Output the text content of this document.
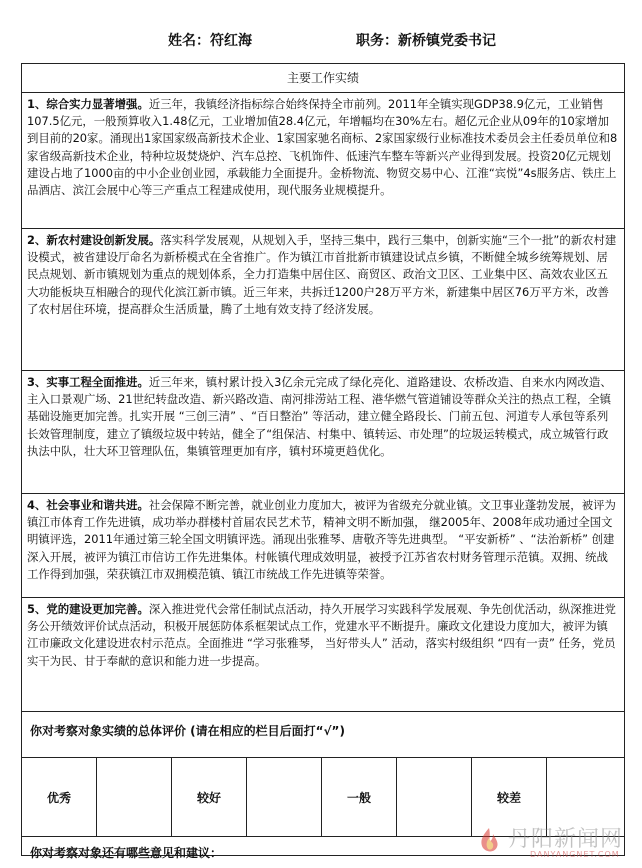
姓名：符红海	职务：新桥镇党委书记
主要工作实绩
1、综合实力显著增强。近三年，我镇经济指标综合始终保持全市前列。2011年全镇实现GDP38.9亿元，工业销售107.5亿元，一般预算收入1.48亿元，工业增加值28.4亿元，年增幅均在30%左右。超亿元企业从09年的10家增加到目前的20家。涌现出1家国家级高新技术企业、1家国家驰名商标、2家国家级行业标准技术委员会主任委员单位和8家省级高新技术企业，特种垃圾焚烧炉、汽车总控、飞机饰件、低速汽车整车等新兴产业得到发展。投资20亿元规划建设占地了1000亩的中小企业创业园，承载能力全面提升。金桥物流、物贸交易中心、江淮“宾悦”4s服务店、铁庄上品酒店、滨江会展中心等三产重点工程建成使用，现代服务业规模提升。
2、新农村建设创新发展。落实科学发展观，从规划入手，坚持三集中，践行三集中，创新实施“三个一批”的新农村建设模式，被省建设厅命名为新桥模式在全省推广。作为镇江市首批新市镇建设试点乡镇，不断健全城乡统筹规划、居民点规划、新市镇规划为重点的规划体系，全力打造集中居住区、商贸区、政治文卫区、工业集中区、高效农业区五大功能板块互相融合的现代化滨江新市镇。近三年来，共拆迁1200户28万平方米，新建集中居区76万平方米，改善了农村居住环境，提高群众生活质量，腾了土地有效支持了经济发展。
3、实事工程全面推进。近三年来，镇村累计投入3亿余元完成了绿化亮化、道路建设、农桥改造、自来水内网改造、主入口景观广场、21世纪转盘改造、新兴路改造、南河排涝站工程、港华燃气管道铺设等群众关注的热点工程，全镇基础设施更加完善。扎实开展 “三创三清” 、“百日整治” 等活动，建立健全路段长、门前五包、河道专人承包等系列长效管理制度，建立了镇级垃圾中转站，健全了“组保洁、村集中、镇转运、市处理”的垃圾运转模式，成立城管行政执法中队，壮大环卫管理队伍，集镇管理更加有序，镇村环境更趋优化。
4、社会事业和谐共进。社会保障不断完善，就业创业力度加大，被评为省级充分就业镇。文卫事业蓬勃发展，被评为镇江市体育工作先进镇，成功举办群楼村首届农民艺术节，精神文明不断加强， 继2005年、2008年成功通过全国文明镇评选，2011年通过第三轮全国文明镇评选。涌现出张雅琴、唐敬齐等先进典型。 “平安新桥” 、“法治新桥” 创建深入开展，被评为镇江市信访工作先进集体。村帐镇代理成效明显，被授予江苏省农村财务管理示范镇。双拥、统战工作得到加强，荣获镇江市双拥模范镇、镇江市统战工作先进镇等荣誉。
5、党的建设更加完善。深入推进党代会常任制试点活动，持久开展学习实践科学发展观、争先创优活动，纵深推进党务公开绩效评价试点活动，积极开展惩防体系框架试点工作，党建水平不断提升。廉政文化建设力度加大，被评为镇江市廉政文化建设进农村示范点。全面推进 “学习张雅琴， 当好带头人” 活动，落实村级组织 “四有一责” 任务，党员实干为民、甘于奉献的意识和能力进一步提高。
你对考察对象实绩的总体评价 (请在相应的栏目后面打“√”)
优秀	较好	一般	较差
你对考察对象还有哪些意见和建议：
丹阳新闻网
DANYANGNET.COM
